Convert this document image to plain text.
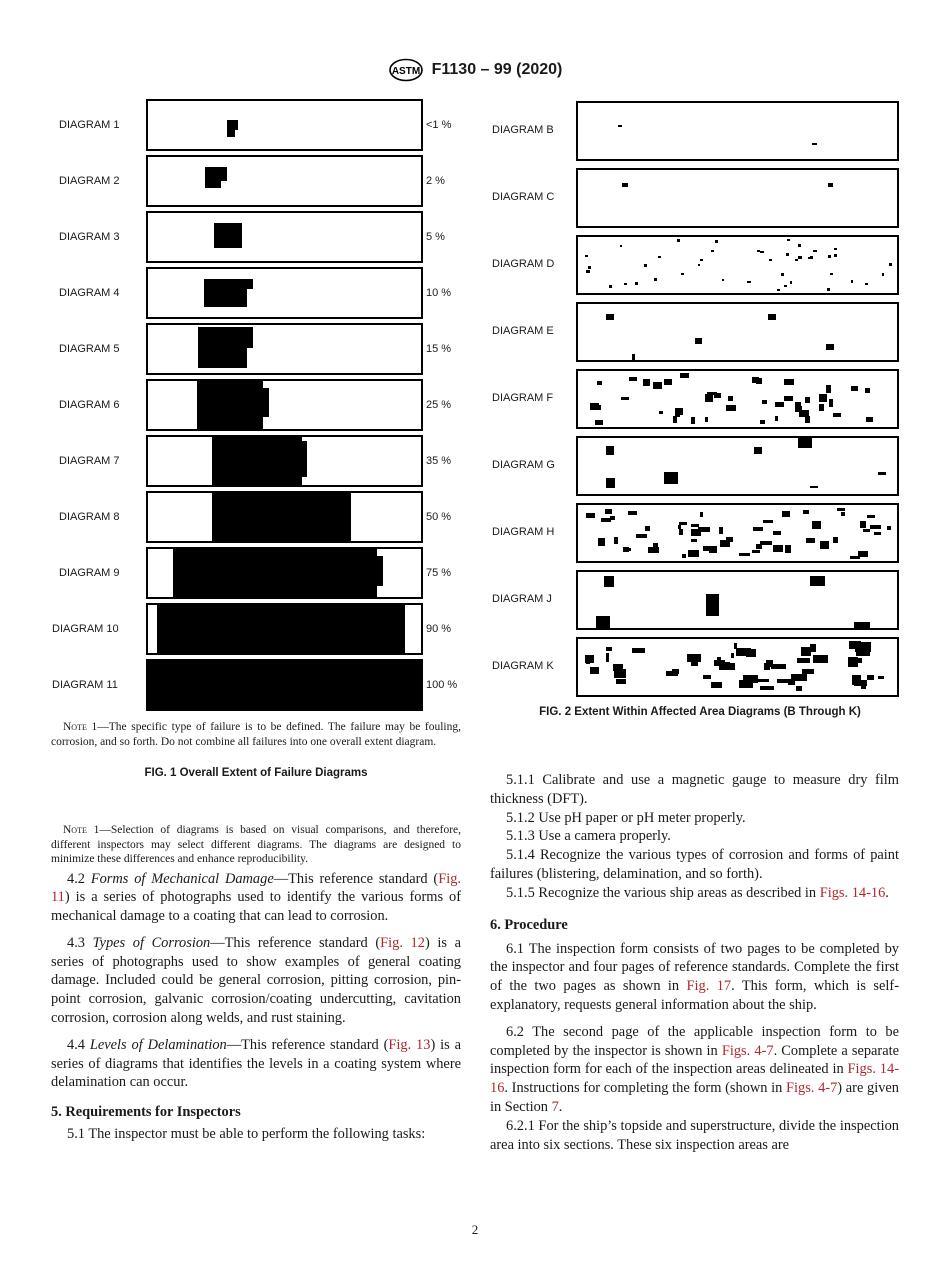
ASTM F1130 – 99 (2020)
DIAGRAM 1	<1 %
DIAGRAM 2	2 %
DIAGRAM 3	5 %
DIAGRAM 4	10 %
DIAGRAM 5	15 %
DIAGRAM 6	25 %
DIAGRAM 7	35 %
DIAGRAM 8	50 %
DIAGRAM 9	75 %
DIAGRAM 10	90 %
DIAGRAM 11	100 %
DIAGRAM B
DIAGRAM C
DIAGRAM D
DIAGRAM E
DIAGRAM F
DIAGRAM G
DIAGRAM H
DIAGRAM J
DIAGRAM K
FIG. 2 Extent Within Affected Area Diagrams (B Through K)
Note 1—The specific type of failure is to be defined. The failure may be fouling, corrosion, and so forth. Do not combine all failures into one overall extent diagram.
FIG. 1 Overall Extent of Failure Diagrams
Note 1—Selection of diagrams is based on visual comparisons, and therefore, different inspectors may select different diagrams. The diagrams are designed to minimize these differences and enhance reproducibility.

4.2 Forms of Mechanical Damage—This reference standard (Fig. 11) is a series of photographs used to identify the various forms of mechanical damage to a coating that can lead to corrosion.

4.3 Types of Corrosion—This reference standard (Fig. 12) is a series of photographs used to show examples of general coating damage. Included could be general corrosion, pitting corrosion, pin-point corrosion, galvanic corrosion/coating undercutting, cavitation corrosion, corrosion along welds, and rust staining.

4.4 Levels of Delamination—This reference standard (Fig. 13) is a series of diagrams that identifies the levels in a coating system where delamination can occur.

5. Requirements for Inspectors

5.1 The inspector must be able to perform the following tasks:

5.1.1 Calibrate and use a magnetic gauge to measure dry film thickness (DFT).

5.1.2 Use pH paper or pH meter properly.

5.1.3 Use a camera properly.

5.1.4 Recognize the various types of corrosion and forms of paint failures (blistering, delamination, and so forth).

5.1.5 Recognize the various ship areas as described in Figs. 14-16.

6. Procedure

6.1 The inspection form consists of two pages to be completed by the inspector and four pages of reference standards. Complete the first of the two pages as shown in Fig. 17. This form, which is self-explanatory, requests general information about the ship.

6.2 The second page of the applicable inspection form to be completed by the inspector is shown in Figs. 4-7. Complete a separate inspection form for each of the inspection areas delineated in Figs. 14-16. Instructions for completing the form (shown in Figs. 4-7) are given in Section 7.

6.2.1 For the ship’s topside and superstructure, divide the inspection area into six sections. These six inspection areas are

2
